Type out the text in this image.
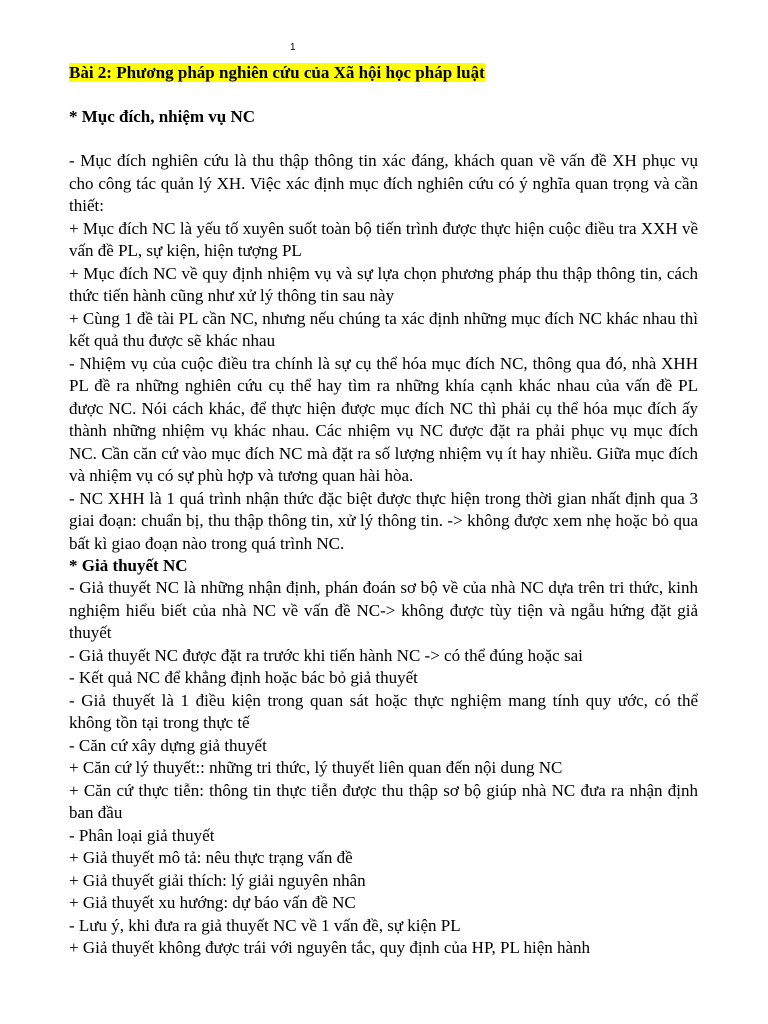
1
Bài 2: Phương pháp nghiên cứu của Xã hội học pháp luật
* Mục đích, nhiệm vụ NC

- Mục đích nghiên cứu là thu thập thông tin xác đáng, khách quan về vấn đề XH phục vụ cho công tác quản lý XH. Việc xác định mục đích nghiên cứu có ý nghĩa quan trọng và cần thiết:

+ Mục đích NC là yếu tố xuyên suốt toàn bộ tiến trình được thực hiện cuộc điều tra XXH về vấn đề PL, sự kiện, hiện tượng PL

+ Mục đích NC về quy định nhiệm vụ và sự lựa chọn phương pháp thu thập thông tin, cách thức tiến hành cũng như xử lý thông tin sau này

+ Cùng 1 đề tài PL cần NC, nhưng nếu chúng ta xác định những mục đích NC khác nhau thì kết quả thu được sẽ khác nhau

- Nhiệm vụ của cuộc điều tra chính là sự cụ thể hóa mục đích NC, thông qua đó, nhà XHH PL đề ra những nghiên cứu cụ thể hay tìm ra những khía cạnh khác nhau của vấn đề PL được NC. Nói cách khác, để thực hiện được mục đích NC thì phải cụ thể hóa mục đích ấy thành những nhiệm vụ khác nhau. Các nhiệm vụ NC được đặt ra phải phục vụ mục đích NC. Cần căn cứ vào mục đích NC mà đặt ra số lượng nhiệm vụ ít hay nhiều. Giữa mục đích và nhiệm vụ có sự phù hợp và tương quan hài hòa.

- NC XHH là 1 quá trình nhận thức đặc biệt được thực hiện trong thời gian nhất định qua 3 giai đoạn: chuẩn bị, thu thập thông tin, xử lý thông tin. -> không được xem nhẹ hoặc bỏ qua bất kì giao đoạn nào trong quá trình NC.

* Giả thuyết NC

- Giả thuyết NC là những nhận định, phán đoán sơ bộ về của nhà NC dựa trên tri thức, kinh nghiệm hiểu biết của nhà NC về vấn đề NC-> không được tùy tiện và ngẫu hứng đặt giả thuyết

- Giả thuyết NC được đặt ra trước khi tiến hành NC -> có thể đúng hoặc sai

- Kết quả NC để khẳng định hoặc bác bỏ giả thuyết

- Giả thuyết là 1 điều kiện trong quan sát hoặc thực nghiệm mang tính quy ước, có thể không tồn tại trong thực tế

- Căn cứ xây dựng giả thuyết

+ Căn cứ lý thuyết:: những tri thức, lý thuyết liên quan đến nội dung NC

+ Căn cứ thực tiễn: thông tin thực tiễn được thu thập sơ bộ giúp nhà NC đưa ra nhận định ban đầu

- Phân loại giả thuyết

+ Giả thuyết mô tả: nêu thực trạng vấn đề

+ Giả thuyết giải thích: lý giải nguyên nhân

+ Giả thuyết xu hướng: dự báo vấn đề NC

- Lưu ý, khi đưa ra giả thuyết NC về 1 vấn đề, sự kiện PL

+ Giả thuyết không được trái với nguyên tắc, quy định của HP, PL hiện hành
